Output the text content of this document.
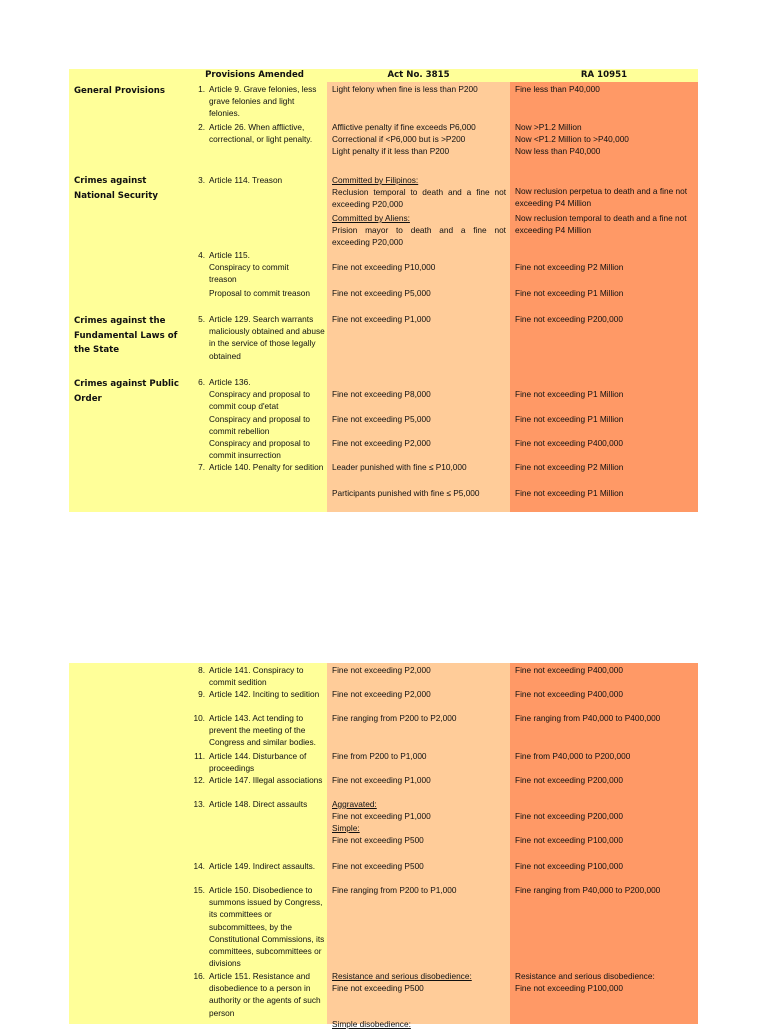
Provisions Amended	Act No. 3815	RA 10951
General Provisions
Crimes against National Security
Crimes against the Fundamental Laws of the State
Crimes against Public Order
1. Article 9. Grave felonies, less grave felonies and light felonies.
2. Article 26. When afflictive, correctional, or light penalty.
3. Article 114. Treason
4. Article 115.
Conspiracy to commit treason
Proposal to commit treason
5. Article 129. Search warrants maliciously obtained and abuse in the service of those legally obtained
6. Article 136.
Conspiracy and proposal to commit coup d'etat
Conspiracy and proposal to commit rebellion
Conspiracy and proposal to commit insurrection
7. Article 140. Penalty for sedition
Light felony when fine is less than P200
Afflictive penalty if fine exceeds P6,000
Correctional if <P6,000 but is >P200
Light penalty if it less than P200
Committed by Filipinos:
Reclusion temporal to death and a fine not exceeding P20,000
Committed by Aliens:
Prision mayor to death and a fine not exceeding P20,000
Fine not exceeding P10,000
Fine not exceeding P5,000
Fine not exceeding P1,000
Fine not exceeding P8,000
Fine not exceeding P5,000
Fine not exceeding P2,000
Leader punished with fine ≤ P10,000
Participants punished with fine ≤ P5,000
Fine less than P40,000
Now >P1.2 Million
Now <P1.2 Million to >P40,000
Now less than P40,000
Now reclusion perpetua to death and a fine not exceeding P4 Million
Now reclusion temporal to death and a fine not exceeding P4 Million
Fine not exceeding P2 Million
Fine not exceeding P1 Million
Fine not exceeding P200,000
Fine not exceeding P1 Million
Fine not exceeding P1 Million
Fine not exceeding P400,000
Fine not exceeding P2 Million
Fine not exceeding P1 Million
8. Article 141. Conspiracy to commit sedition
9. Article 142. Inciting to sedition
10. Article 143. Act tending to prevent the meeting of the Congress and similar bodies.
11. Article 144. Disturbance of proceedings
12. Article 147. Illegal associations
13. Article 148. Direct assaults
14. Article 149. Indirect assaults.
15. Article 150. Disobedience to summons issued by Congress, its committees or subcommittees, by the Constitutional Commissions, its committees, subcommittees or divisions
16. Article 151. Resistance and disobedience to a person in authority or the agents of such person
Fine not exceeding P2,000
Fine not exceeding P2,000
Fine ranging from P200 to P2,000
Fine from P200 to P1,000
Fine not exceeding P1,000
Aggravated:
Fine not exceeding P1,000
Simple:
Fine not exceeding P500
Fine not exceeding P500
Fine ranging from P200 to P1,000
Resistance and serious disobedience:
Fine not exceeding P500
Simple disobedience:
Fine not exceeding P400,000
Fine not exceeding P400,000
Fine ranging from P40,000 to P400,000
Fine from P40,000 to P200,000
Fine not exceeding P200,000
Fine not exceeding P200,000
Fine not exceeding P100,000
Fine not exceeding P100,000
Fine ranging from P40,000 to P200,000
Resistance and serious disobedience:
Fine not exceeding P100,000
